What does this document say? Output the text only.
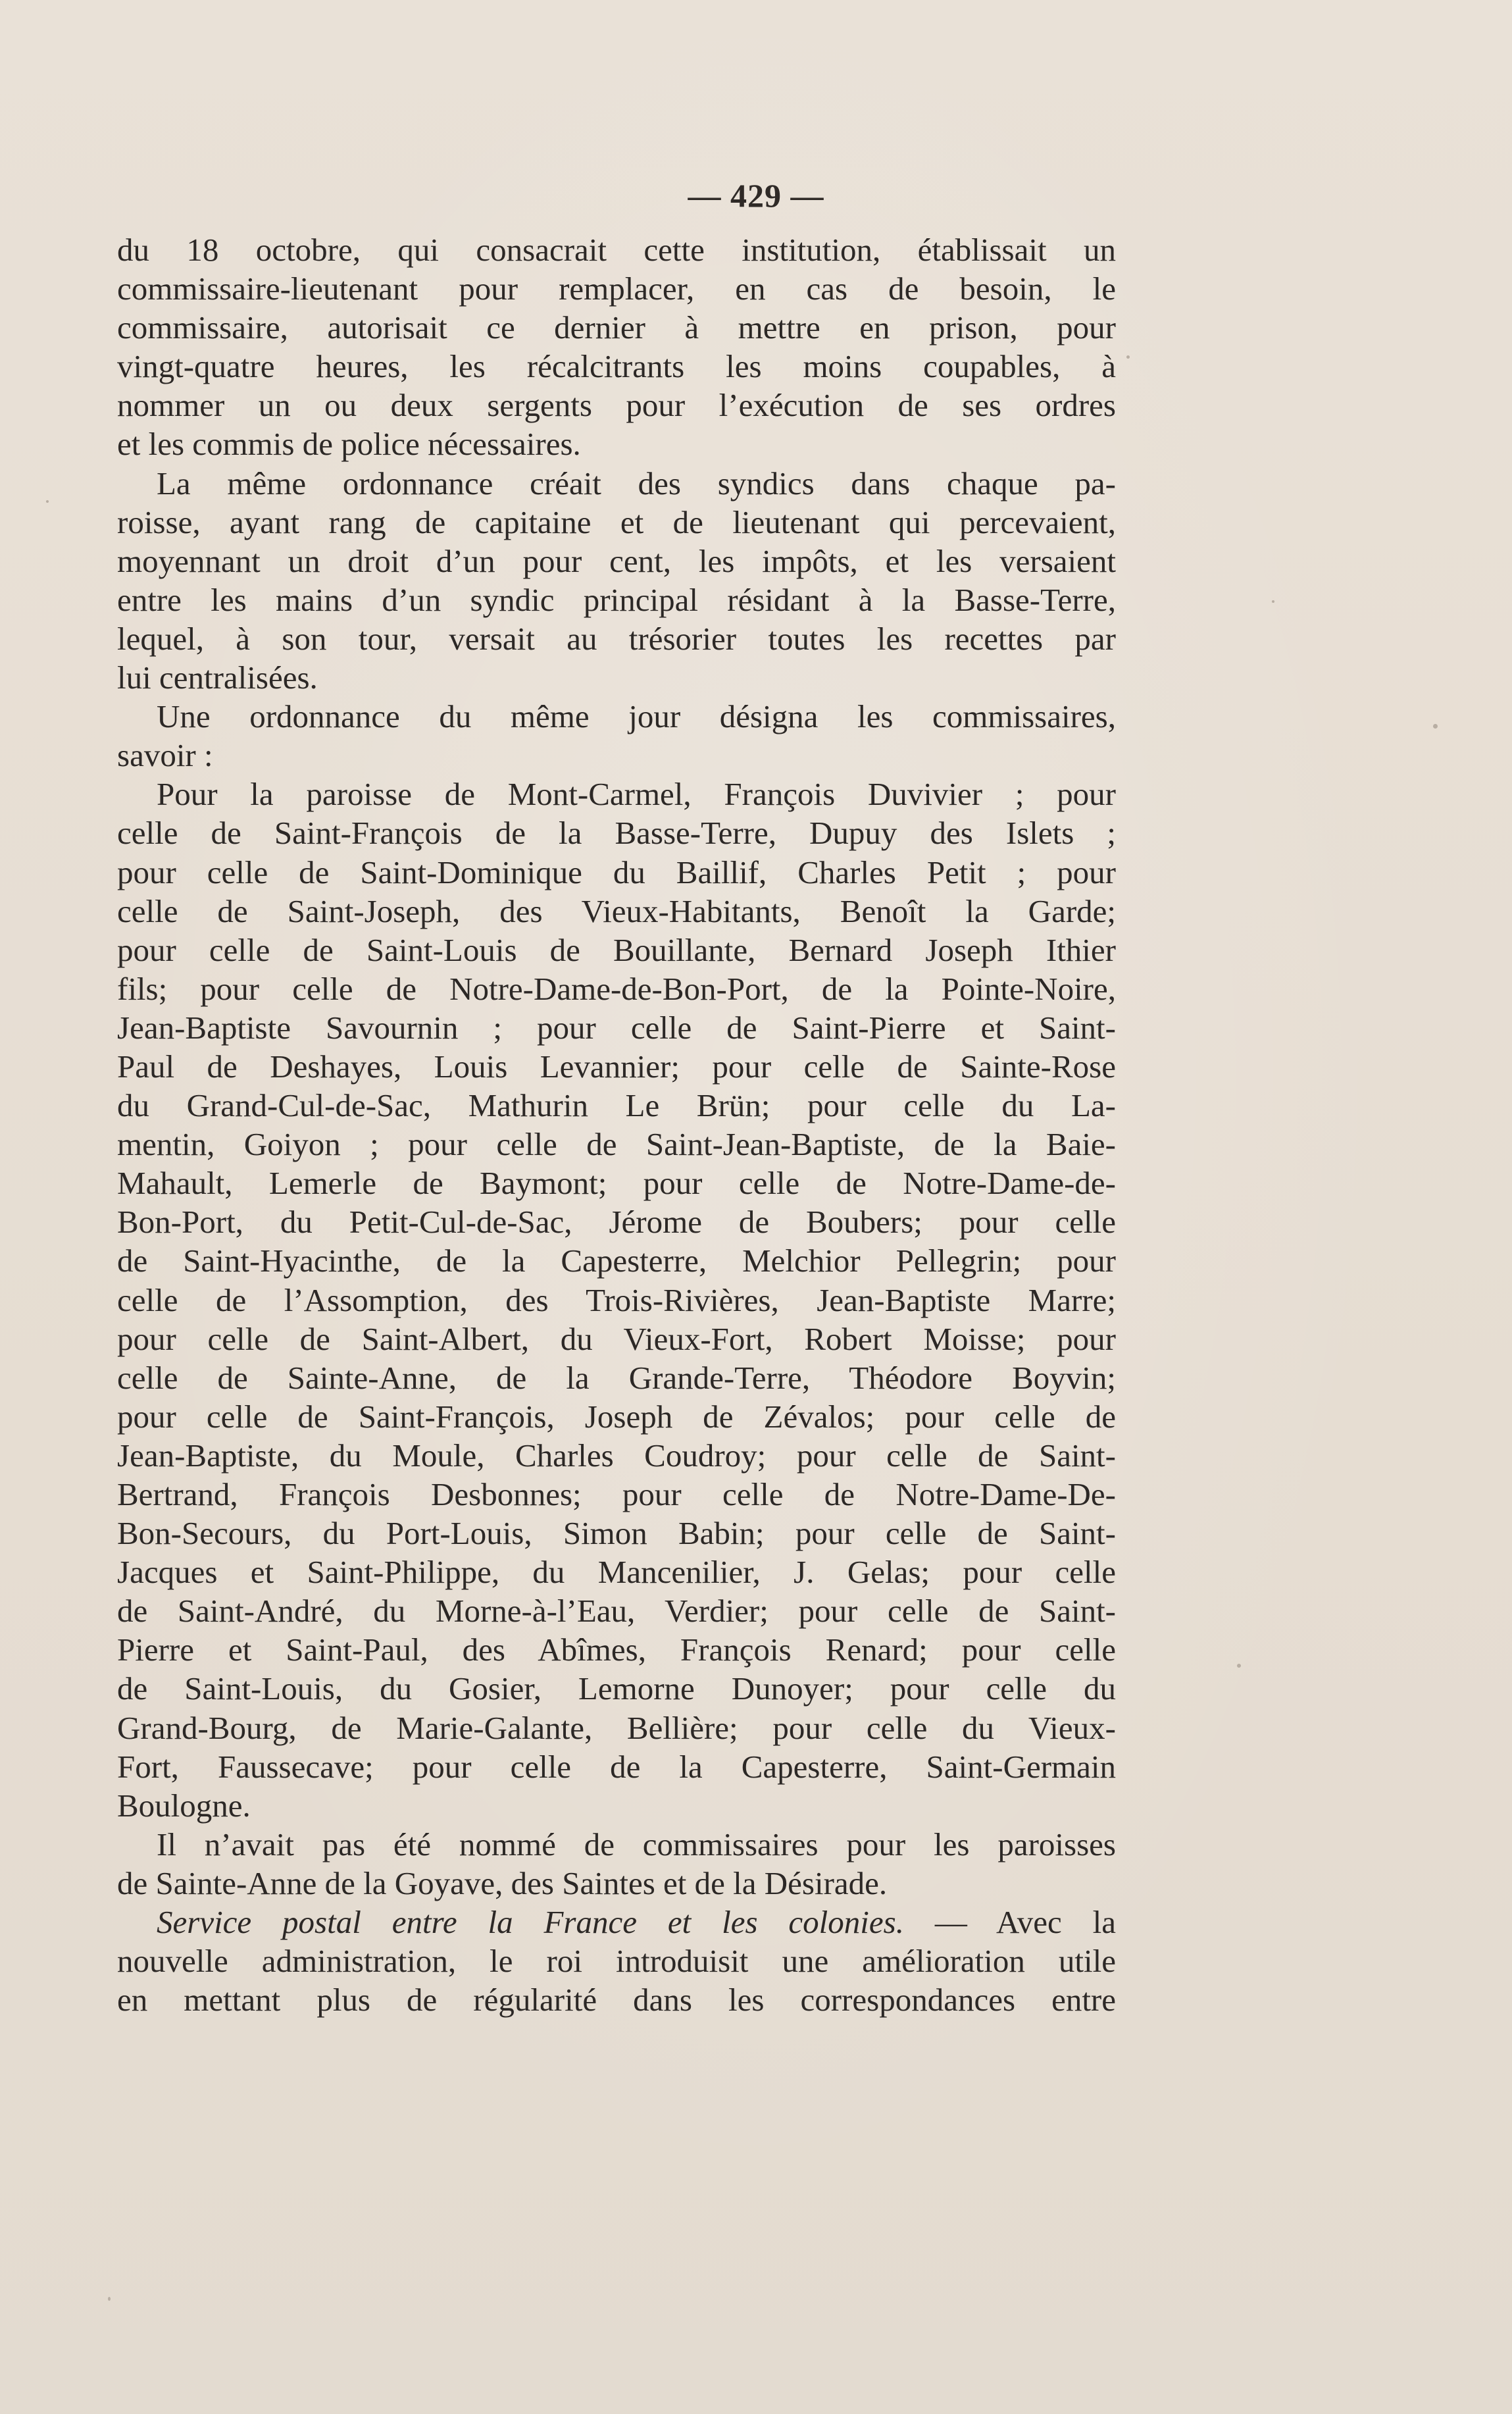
— 429 —
du 18 octobre, qui consacrait cette institution, établissait un
commissaire-lieutenant pour remplacer, en cas de besoin, le
commissaire, autorisait ce dernier à mettre en prison, pour
vingt-quatre heures, les récalcitrants les moins coupables, à
nommer un ou deux sergents pour l’exécution de ses ordres
et les commis de police nécessaires.
La même ordonnance créait des syndics dans chaque pa-
roisse, ayant rang de capitaine et de lieutenant qui percevaient,
moyennant un droit d’un pour cent, les impôts, et les versaient
entre les mains d’un syndic principal résidant à la Basse-Terre,
lequel, à son tour, versait au trésorier toutes les recettes par
lui centralisées.
Une ordonnance du même jour désigna les commissaires,
savoir :
Pour la paroisse de Mont-Carmel, François Duvivier ; pour
celle de Saint-François de la Basse-Terre, Dupuy des Islets ;
pour celle de Saint-Dominique du Baillif, Charles Petit ; pour
celle de Saint-Joseph, des Vieux-Habitants, Benoît la Garde;
pour celle de Saint-Louis de Bouillante, Bernard Joseph Ithier
fils; pour celle de Notre-Dame-de-Bon-Port, de la Pointe-Noire,
Jean-Baptiste Savournin ; pour celle de Saint-Pierre et Saint-
Paul de Deshayes, Louis Levannier; pour celle de Sainte-Rose
du Grand-Cul-de-Sac, Mathurin Le Brün; pour celle du La-
mentin, Goiyon ; pour celle de Saint-Jean-Baptiste, de la Baie-
Mahault, Lemerle de Baymont; pour celle de Notre-Dame-de-
Bon-Port, du Petit-Cul-de-Sac, Jérome de Boubers; pour celle
de Saint-Hyacinthe, de la Capesterre, Melchior Pellegrin; pour
celle de l’Assomption, des Trois-Rivières, Jean-Baptiste Marre;
pour celle de Saint-Albert, du Vieux-Fort, Robert Moisse; pour
celle de Sainte-Anne, de la Grande-Terre, Théodore Boyvin;
pour celle de Saint-François, Joseph de Zévalos; pour celle de
Jean-Baptiste, du Moule, Charles Coudroy; pour celle de Saint-
Bertrand, François Desbonnes; pour celle de Notre-Dame-De-
Bon-Secours, du Port-Louis, Simon Babin; pour celle de Saint-
Jacques et Saint-Philippe, du Mancenilier, J. Gelas; pour celle
de Saint-André, du Morne-à-l’Eau, Verdier; pour celle de Saint-
Pierre et Saint-Paul, des Abîmes, François Renard; pour celle
de Saint-Louis, du Gosier, Lemorne Dunoyer; pour celle du
Grand-Bourg, de Marie-Galante, Bellière; pour celle du Vieux-
Fort, Faussecave; pour celle de la Capesterre, Saint-Germain
Boulogne.
Il n’avait pas été nommé de commissaires pour les paroisses
de Sainte-Anne de la Goyave, des Saintes et de la Désirade.
Service postal entre la France et les colonies. — Avec la
nouvelle administration, le roi introduisit une amélioration utile
en mettant plus de régularité dans les correspondances entre
